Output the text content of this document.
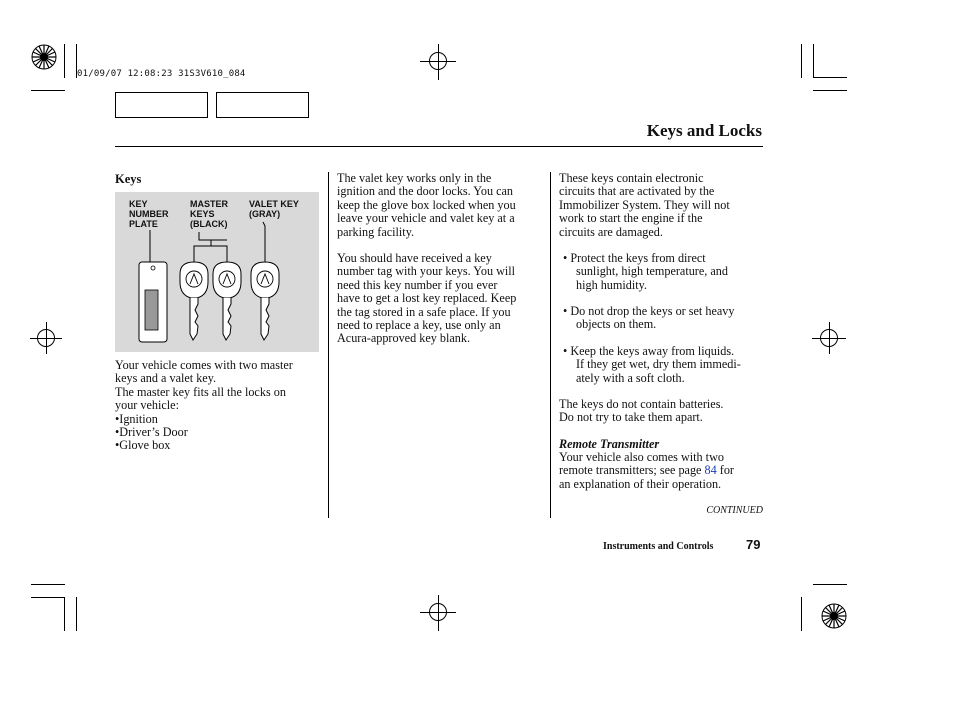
01/09/07 12:08:23 31S3V610_084
Keys and Locks
Keys
KEY
NUMBER
PLATE
MASTER
KEYS
(BLACK)
VALET KEY
(GRAY)

Your vehicle comes with two master

keys and a valet key.

The master key fits all the locks on

your vehicle:

•Ignition

•Driver’s Door

•Glove box

The valet key works only in the

ignition and the door locks. You can

keep the glove box locked when you

leave your vehicle and valet key at a

parking facility.

You should have received a key

number tag with your keys. You will

need this key number if you ever

have to get a lost key replaced. Keep

the tag stored in a safe place. If you

need to replace a key, use only an

Acura-approved key blank.

These keys contain electronic

circuits that are activated by the

Immobilizer System. They will not

work to start the engine if the

circuits are damaged.

• Protect the keys from direct

sunlight, high temperature, and

high humidity.

• Do not drop the keys or set heavy

objects on them.

• Keep the keys away from liquids.

If they get wet, dry them immedi-

ately with a soft cloth.

The keys do not contain batteries.

Do not try to take them apart.

Remote Transmitter

Your vehicle also comes with two

remote transmitters; see page 84 for

an explanation of their operation.

CONTINUED
Instruments and Controls	79
